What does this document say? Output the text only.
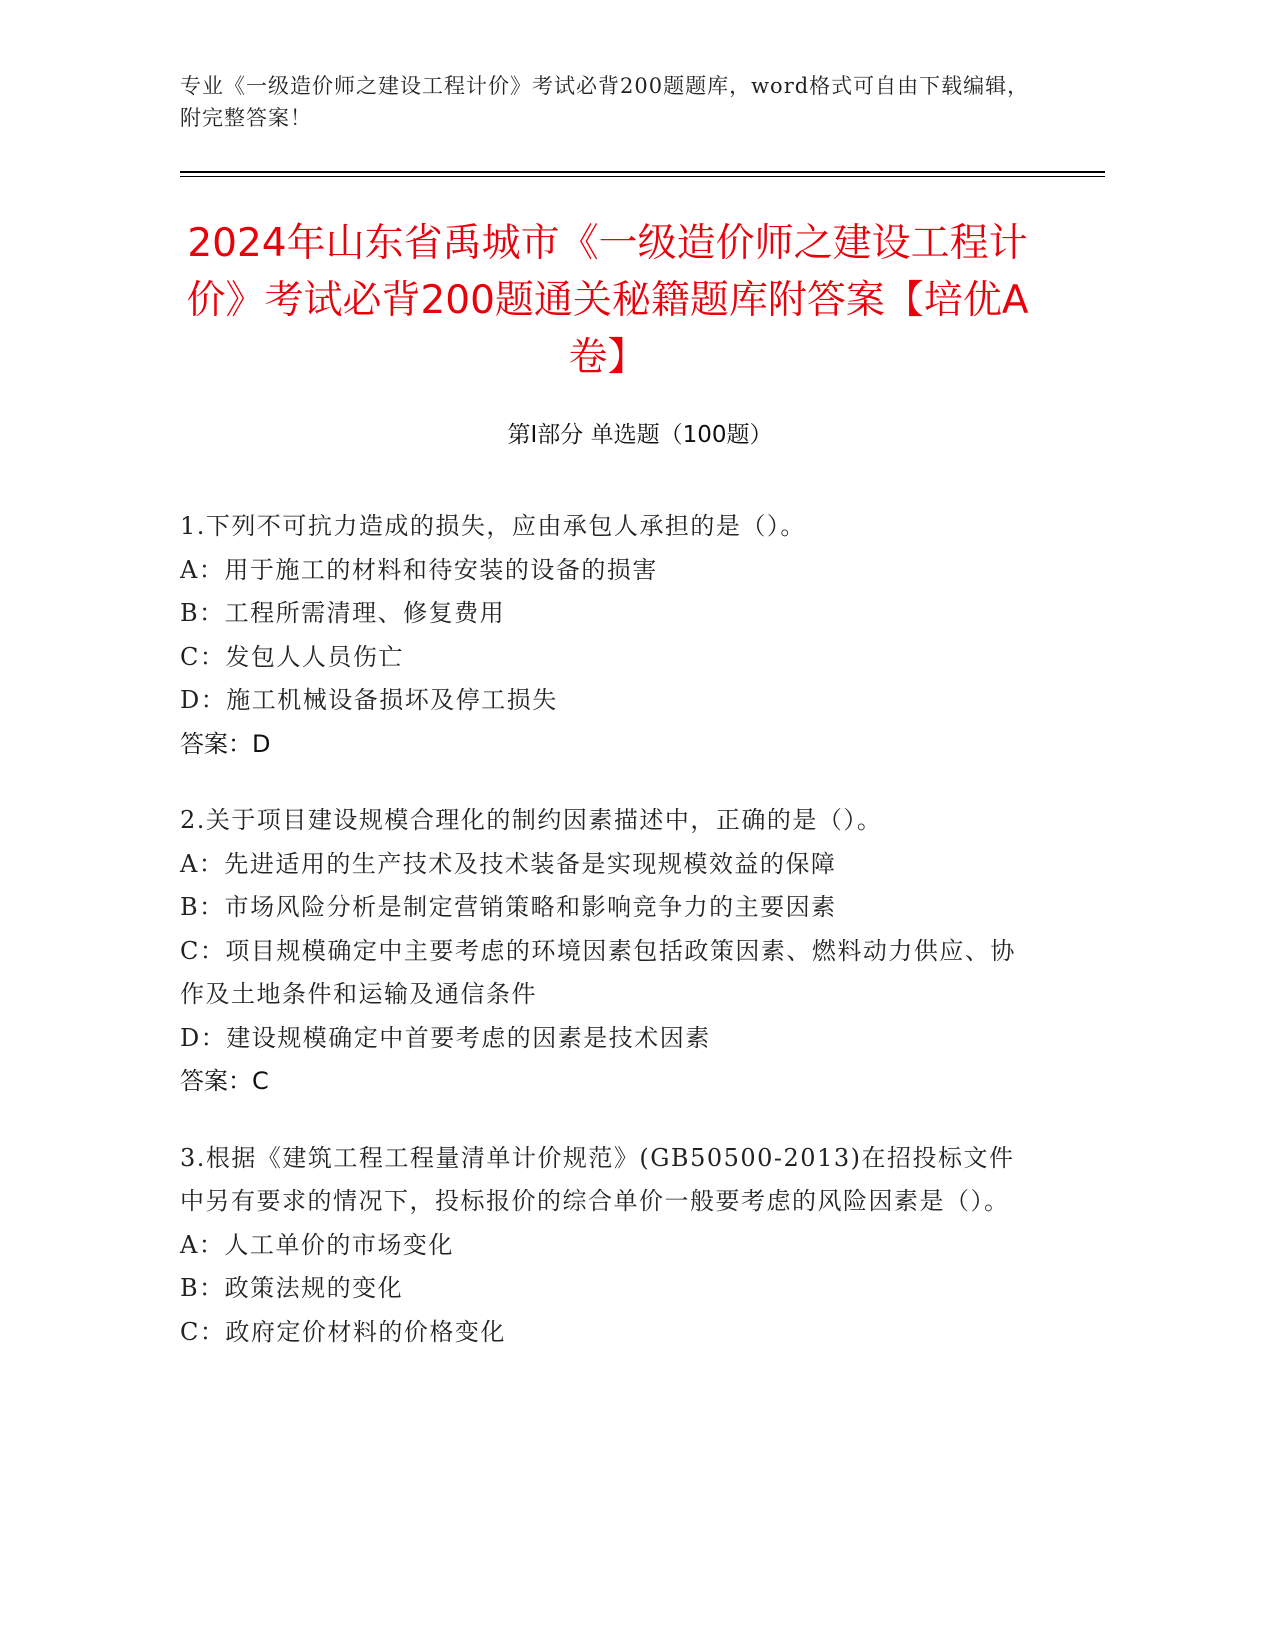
专业《一级造价师之建设工程计价》考试必背200题题库，word格式可自由下载编辑，附完整答案！
2024年山东省禹城市《一级造价师之建设工程计价》考试必背200题通关秘籍题库附答案【培优A卷】
第I部分 单选题（100题）
1.下列不可抗力造成的损失，应由承包人承担的是（）。
A：用于施工的材料和待安装的设备的损害
B：工程所需清理、修复费用
C：发包人人员伤亡
D：施工机械设备损坏及停工损失
答案：D
2.关于项目建设规模合理化的制约因素描述中，正确的是（）。
A：先进适用的生产技术及技术装备是实现规模效益的保障
B：市场风险分析是制定营销策略和影响竞争力的主要因素
C：项目规模确定中主要考虑的环境因素包括政策因素、燃料动力供应、协作及土地条件和运输及通信条件
D：建设规模确定中首要考虑的因素是技术因素
答案：C
3.根据《建筑工程工程量清单计价规范》(GB50500-2013)在招投标文件中另有要求的情况下，投标报价的综合单价一般要考虑的风险因素是（）。
A：人工单价的市场变化
B：政策法规的变化
C：政府定价材料的价格变化
